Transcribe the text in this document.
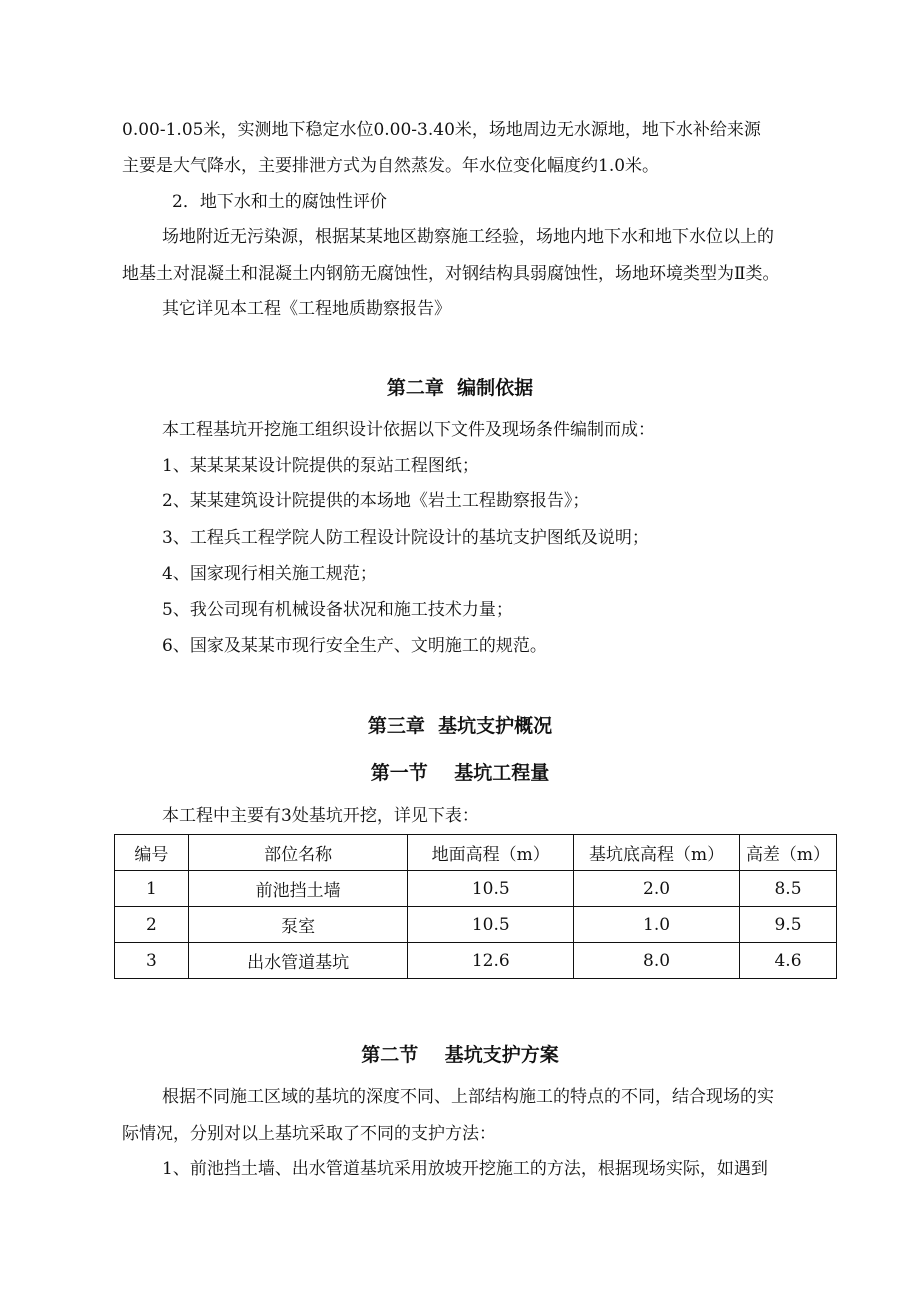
0.00-1.05米，实测地下稳定水位0.00-3.40米，场地周边无水源地，地下水补给来源
主要是大气降水，主要排泄方式为自然蒸发。年水位变化幅度约1.0米。
2．地下水和土的腐蚀性评价
场地附近无污染源，根据某某地区勘察施工经验，场地内地下水和地下水位以上的
地基土对混凝土和混凝土内钢筋无腐蚀性，对钢结构具弱腐蚀性，场地环境类型为Ⅱ类。
其它详见本工程《工程地质勘察报告》
第二章  编制依据
本工程基坑开挖施工组织设计依据以下文件及现场条件编制而成：
1、某某某某设计院提供的泵站工程图纸；
2、某某建筑设计院提供的本场地《岩土工程勘察报告》；
3、工程兵工程学院人防工程设计院设计的基坑支护图纸及说明；
4、国家现行相关施工规范；
5、我公司现有机械设备状况和施工技术力量；
6、国家及某某市现行安全生产、文明施工的规范。
第三章  基坑支护概况
第一节    基坑工程量
本工程中主要有3处基坑开挖，详见下表：
编号	部位名称	地面高程（m）	基坑底高程（m）	高差（m）
1	前池挡土墙	10.5	2.0	8.5
2	泵室	10.5	1.0	9.5
3	出水管道基坑	12.6	8.0	4.6
第二节    基坑支护方案
根据不同施工区域的基坑的深度不同、上部结构施工的特点的不同，结合现场的实
际情况，分别对以上基坑采取了不同的支护方法：
1、前池挡土墙、出水管道基坑采用放坡开挖施工的方法，根据现场实际，如遇到
